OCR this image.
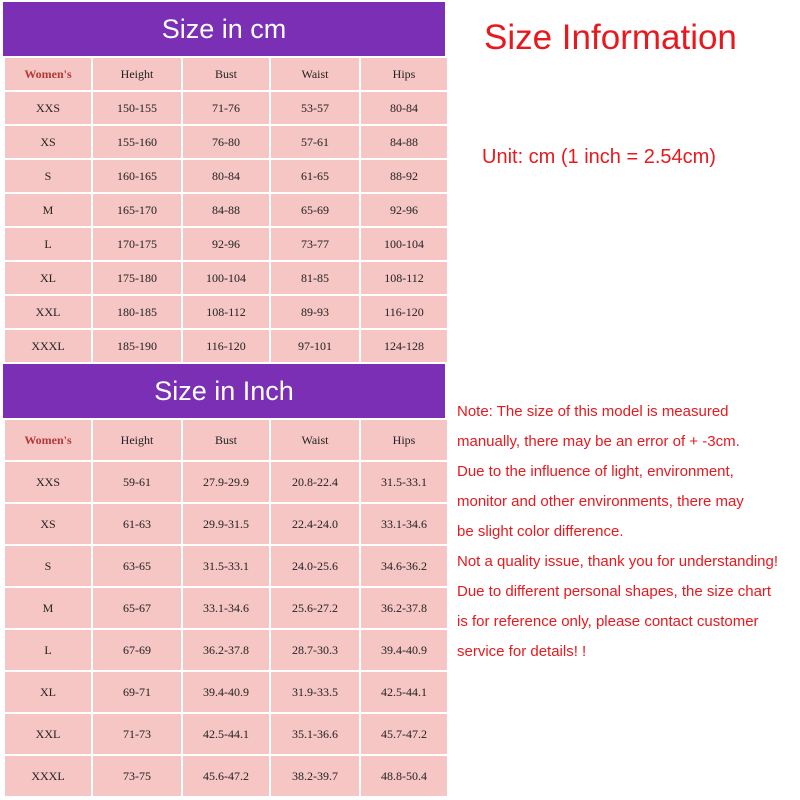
Size in cm
Women's	Height	Bust	Waist	Hips
XXS	150-155	71-76	53-57	80-84
XS	155-160	76-80	57-61	84-88
S	160-165	80-84	61-65	88-92
M	165-170	84-88	65-69	92-96
L	170-175	92-96	73-77	100-104
XL	175-180	100-104	81-85	108-112
XXL	180-185	108-112	89-93	116-120
XXXL	185-190	116-120	97-101	124-128
Size in Inch
Women's	Height	Bust	Waist	Hips
XXS	59-61	27.9-29.9	20.8-22.4	31.5-33.1
XS	61-63	29.9-31.5	22.4-24.0	33.1-34.6
S	63-65	31.5-33.1	24.0-25.6	34.6-36.2
M	65-67	33.1-34.6	25.6-27.2	36.2-37.8
L	67-69	36.2-37.8	28.7-30.3	39.4-40.9
XL	69-71	39.4-40.9	31.9-33.5	42.5-44.1
XXL	71-73	42.5-44.1	35.1-36.6	45.7-47.2
XXXL	73-75	45.6-47.2	38.2-39.7	48.8-50.4
Size Information
Unit: cm (1 inch = 2.54cm)
Note: The size of this model is measured
manually, there may be an error of + -3cm.
Due to the influence of light, environment,
monitor and other environments, there may
be slight color difference.
Not a quality issue, thank you for understanding!
Due to different personal shapes, the size chart
is for reference only, please contact customer
service for details! !
